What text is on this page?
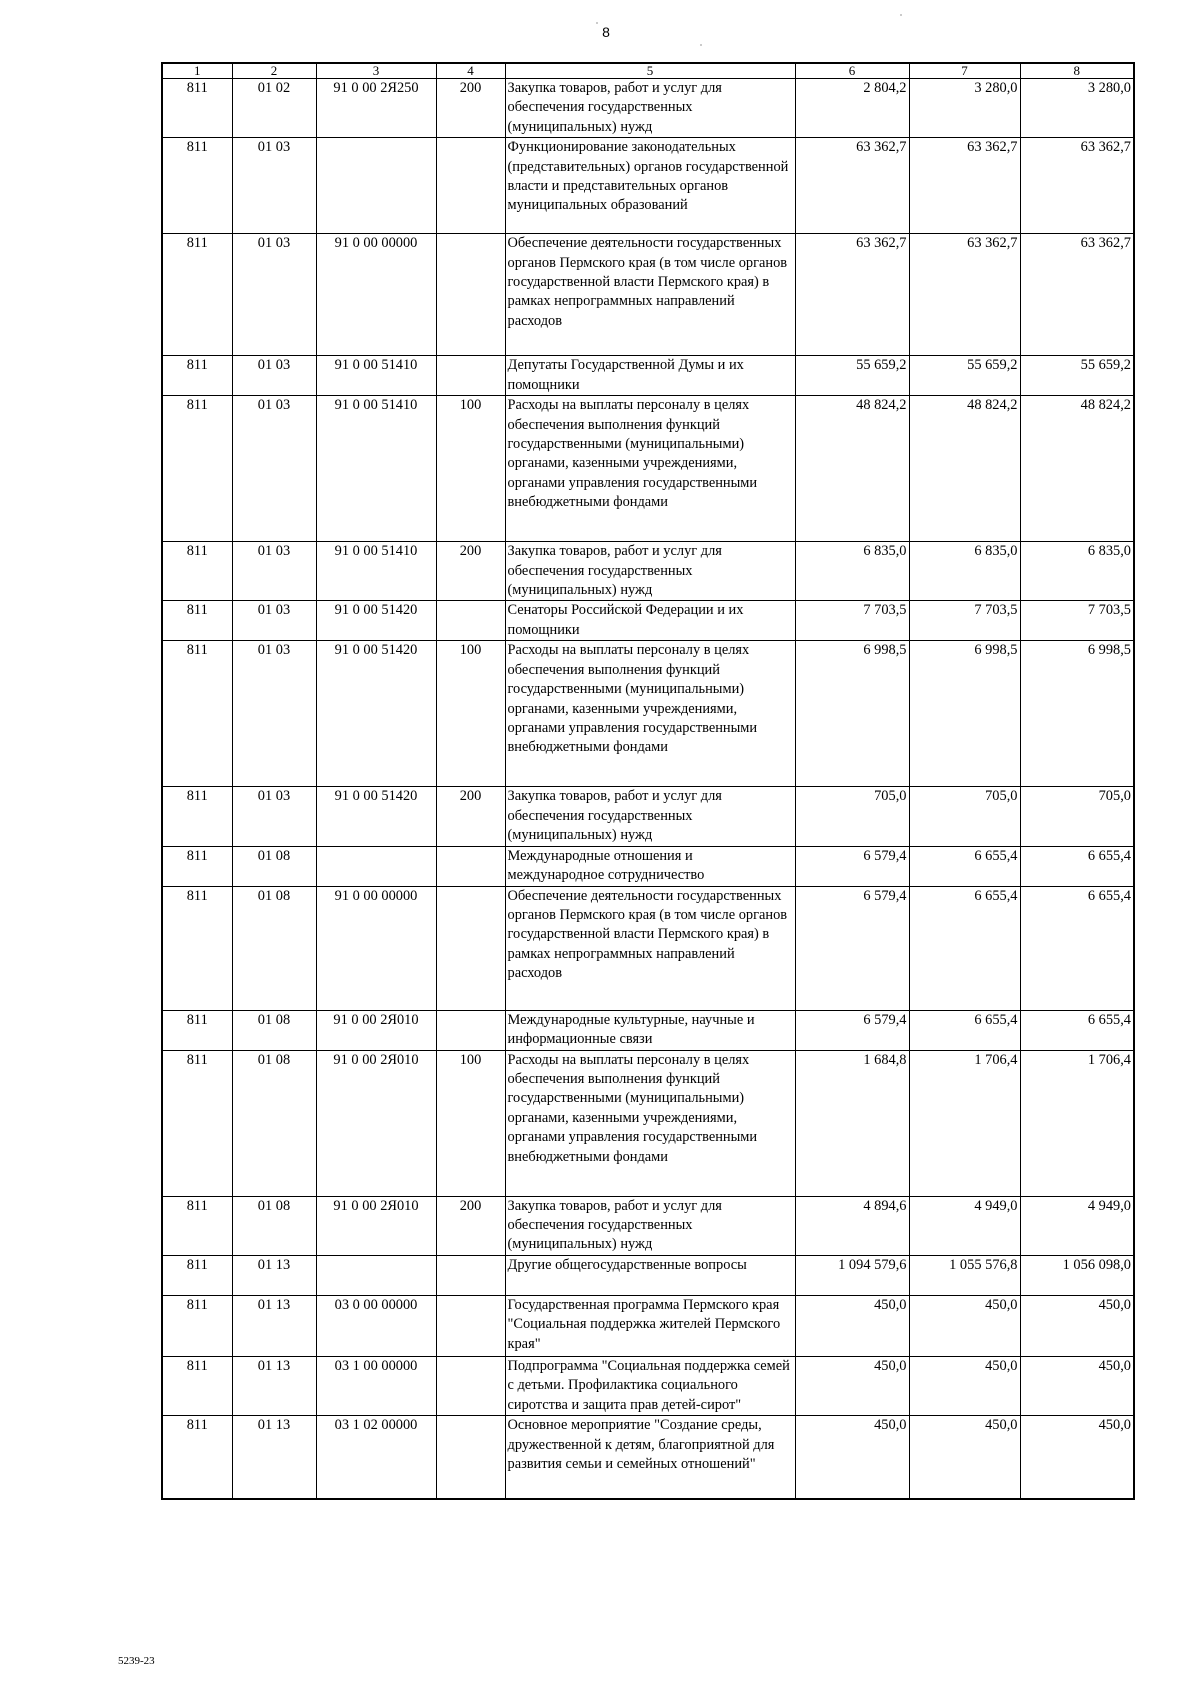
8
1	2	3	4	5	6	7	8
811	01 02	91 0 00 2Я250	200	Закупка товаров, работ и услуг для обеспечения государственных (муниципальных) нужд	2 804,2	3 280,0	3 280,0
811	01 03			Функционирование законодательных (представительных) органов государственной власти и представительных органов муниципальных образований	63 362,7	63 362,7	63 362,7
811	01 03	91 0 00 00000		Обеспечение деятельности государственных органов Пермского края (в том числе органов государственной власти Пермского края) в рамках непрограммных направлений расходов	63 362,7	63 362,7	63 362,7
811	01 03	91 0 00 51410		Депутаты Государственной Думы и их помощники	55 659,2	55 659,2	55 659,2
811	01 03	91 0 00 51410	100	Расходы на выплаты персоналу в целях обеспечения выполнения функций государственными (муниципальными) органами, казенными учреждениями, органами управления государственными внебюджетными фондами	48 824,2	48 824,2	48 824,2
811	01 03	91 0 00 51410	200	Закупка товаров, работ и услуг для обеспечения государственных (муниципальных) нужд	6 835,0	6 835,0	6 835,0
811	01 03	91 0 00 51420		Сенаторы Российской Федерации и их помощники	7 703,5	7 703,5	7 703,5
811	01 03	91 0 00 51420	100	Расходы на выплаты персоналу в целях обеспечения выполнения функций государственными (муниципальными) органами, казенными учреждениями, органами управления государственными внебюджетными фондами	6 998,5	6 998,5	6 998,5
811	01 03	91 0 00 51420	200	Закупка товаров, работ и услуг для обеспечения государственных (муниципальных) нужд	705,0	705,0	705,0
811	01 08			Международные отношения и международное сотрудничество	6 579,4	6 655,4	6 655,4
811	01 08	91 0 00 00000		Обеспечение деятельности государственных органов Пермского края (в том числе органов государственной власти Пермского края) в рамках непрограммных направлений расходов	6 579,4	6 655,4	6 655,4
811	01 08	91 0 00 2Я010		Международные культурные, научные и информационные связи	6 579,4	6 655,4	6 655,4
811	01 08	91 0 00 2Я010	100	Расходы на выплаты персоналу в целях обеспечения выполнения функций государственными (муниципальными) органами, казенными учреждениями, органами управления государственными внебюджетными фондами	1 684,8	1 706,4	1 706,4
811	01 08	91 0 00 2Я010	200	Закупка товаров, работ и услуг для обеспечения государственных (муниципальных) нужд	4 894,6	4 949,0	4 949,0
811	01 13			Другие общегосударственные вопросы	1 094 579,6	1 055 576,8	1 056 098,0
811	01 13	03 0 00 00000		Государственная программа Пермского края "Социальная поддержка жителей Пермского края"	450,0	450,0	450,0
811	01 13	03 1 00 00000		Подпрограмма "Социальная поддержка семей с детьми. Профилактика социального сиротства и защита прав детей-сирот"	450,0	450,0	450,0
811	01 13	03 1 02 00000		Основное мероприятие "Создание среды, дружественной к детям, благоприятной для развития семьи и семейных отношений"	450,0	450,0	450,0
5239-23
